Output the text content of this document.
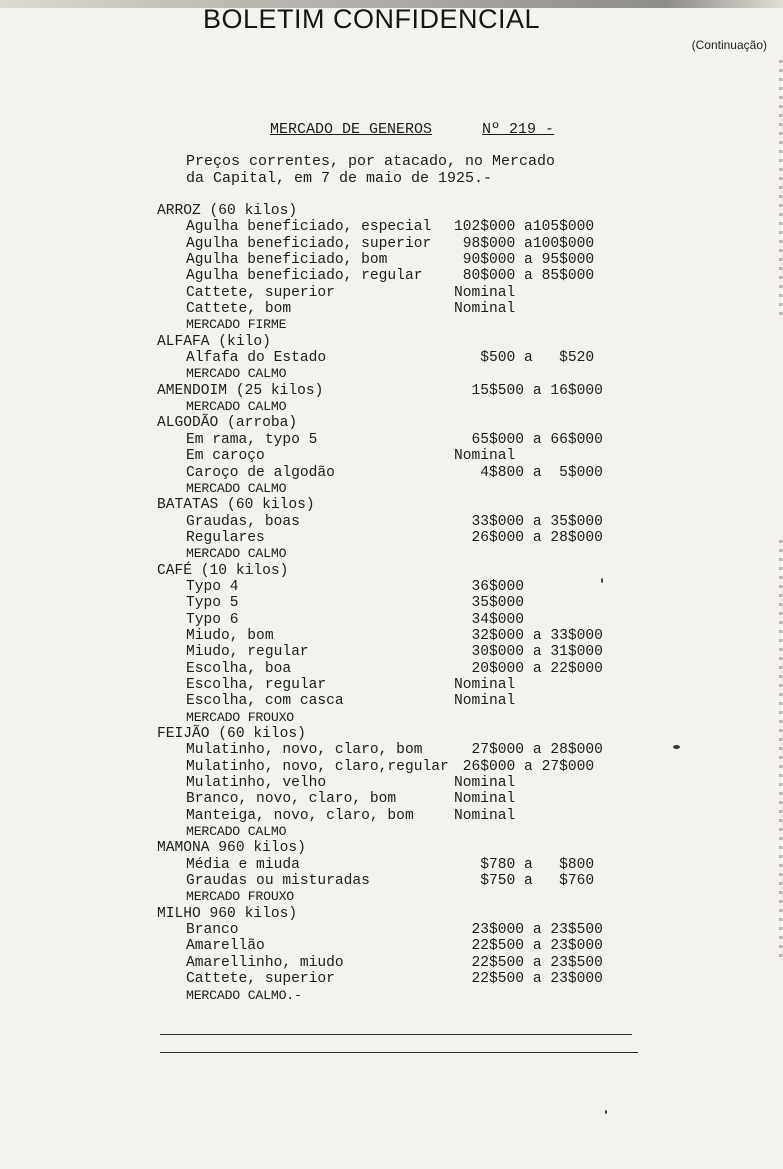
BOLETIM CONFIDENCIAL
(Continuação)
MERCADO DE GENEROS	Nº 219 -
Preços correntes, por atacado, no Mercado
da Capital, em 7 de maio de 1925.-
ARROZ (60 kilos)
Agulha beneficiado, especial 102$000 a105$000
Agulha beneficiado, superior 98$000 a100$000
Agulha beneficiado, bom	90$000 a 95$000
Agulha beneficiado, regular 80$000 a 85$000
Cattete, superior	Nominal
Cattete, bom	Nominal
MERCADO FIRME
ALFAFA (kilo)
Alfafa do Estado	$500 a   $520
MERCADO CALMO
AMENDOIM (25 kilos)	15$500 a 16$000
MERCADO CALMO
ALGODÃO (arroba)
Em rama, typo 5	65$000 a 66$000
Em caroço	Nominal
Caroço de algodão	4$800 a  5$000
MERCADO CALMO
BATATAS (60 kilos)
Graudas, boas	33$000 a 35$000
Regulares	26$000 a 28$000
MERCADO CALMO
CAFÉ (10 kilos)
Typo 4	36$000
Typo 5	35$000
Typo 6	34$000
Miudo, bom	32$000 a 33$000
Miudo, regular	30$000 a 31$000
Escolha, boa	20$000 a 22$000
Escolha, regular	Nominal
Escolha, com casca	Nominal
MERCADO FROUXO
FEIJÃO (60 kilos)
Mulatinho, novo, claro, bom 27$000 a 28$000
Mulatinho, novo, claro,regular 26$000 a 27$000
Mulatinho, velho	Nominal
Branco, novo, claro, bom	Nominal
Manteiga, novo, claro, bom	Nominal
MERCADO CALMO
MAMONA 960 kilos)
Média e miuda	$780 a   $800
Graudas ou misturadas	$750 a   $760
MERCADO FROUXO
MILHO 960 kilos)
Branco	23$000 a 23$500
Amarellão	22$500 a 23$000
Amarellinho, miudo	22$500 a 23$500
Cattete, superior	22$500 a 23$000
MERCADO CALMO.-
